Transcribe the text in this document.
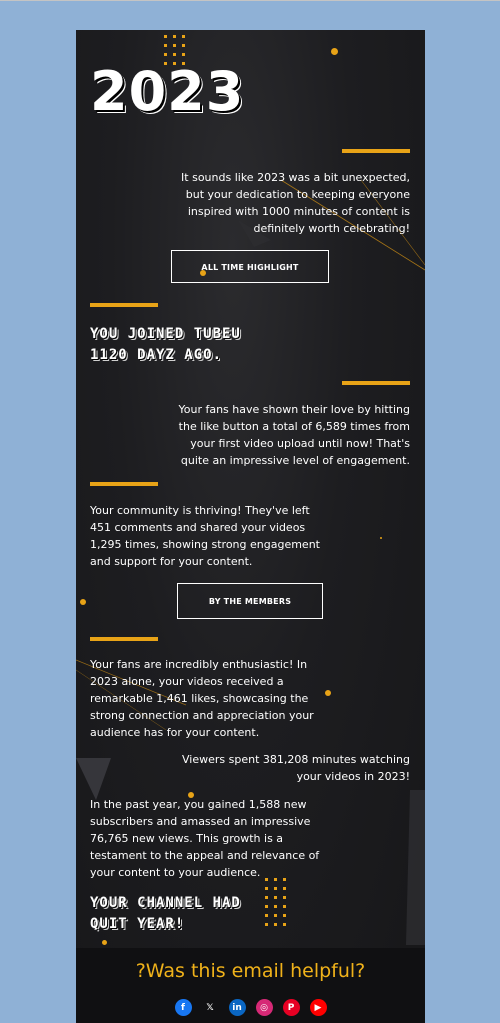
2023
It sounds like 2023 was a bit unexpected, but your dedication to keeping everyone inspired with 1000 minutes of content is definitely worth celebrating!
ALL TIME HIGHLIGHT
YOU JOINED TUBEU 1120 DAYZ AGO.
Your fans have shown their love by hitting the like button a total of 6,589 times from your first video upload until now! That's quite an impressive level of engagement.
Your community is thriving! They've left 451 comments and shared your videos 1,295 times, showing strong engagement and support for your content.
BY THE MEMBERS
Your fans are incredibly enthusiastic! In 2023 alone, your videos received a remarkable 1,461 likes, showcasing the strong connection and appreciation your audience has for your content.
Viewers spent 381,208 minutes watching your videos in 2023!
In the past year, you gained 1,588 new subscribers and amassed an impressive 76,765 new views. This growth is a testament to the appeal and relevance of your content to your audience.
YOUR CHANNEL HAD QUIT YEAR!
?Was this email helpful?
f	𝕏	in	◎	P	▶
